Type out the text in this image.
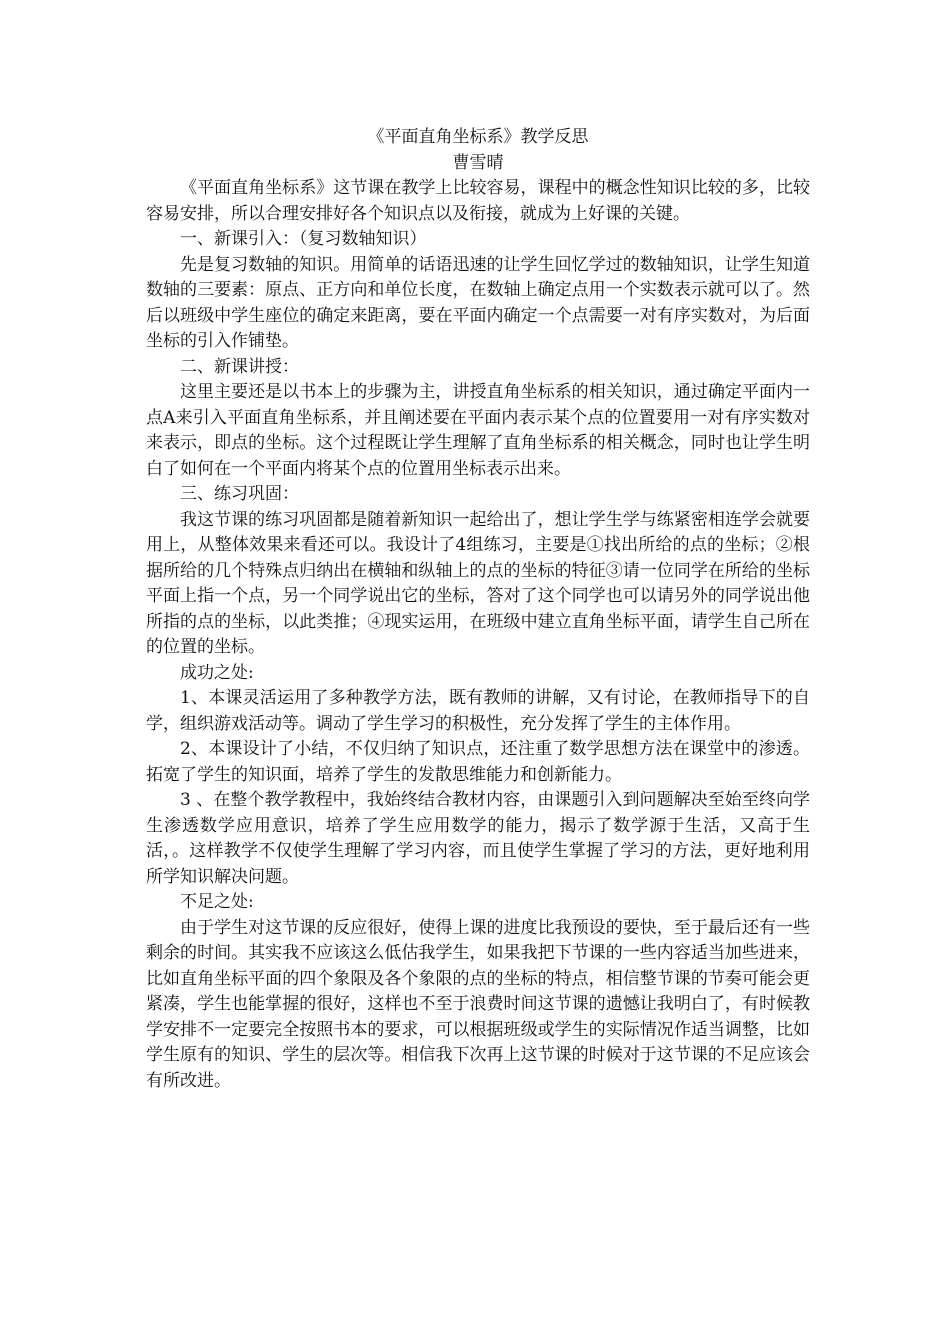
《平面直角坐标系》教学反思

曹雪晴

《平面直角坐标系》这节课在教学上比较容易，课程中的概念性知识比较的多，比较容易安排，所以合理安排好各个知识点以及衔接，就成为上好课的关键。

一、新课引入：（复习数轴知识）

先是复习数轴的知识。用简单的话语迅速的让学生回忆学过的数轴知识，让学生知道数轴的三要素：原点、正方向和单位长度，在数轴上确定点用一个实数表示就可以了。然后以班级中学生座位的确定来距离，要在平面内确定一个点需要一对有序实数对，为后面坐标的引入作铺垫。

二、新课讲授：

这里主要还是以书本上的步骤为主，讲授直角坐标系的相关知识，通过确定平面内一点A来引入平面直角坐标系，并且阐述要在平面内表示某个点的位置要用一对有序实数对来表示，即点的坐标。这个过程既让学生理解了直角坐标系的相关概念，同时也让学生明白了如何在一个平面内将某个点的位置用坐标表示出来。

三、练习巩固：

我这节课的练习巩固都是随着新知识一起给出了，想让学生学与练紧密相连学会就要用上，从整体效果来看还可以。我设计了4组练习，主要是①找出所给的点的坐标；②根据所给的几个特殊点归纳出在横轴和纵轴上的点的坐标的特征③请一位同学在所给的坐标平面上指一个点，另一个同学说出它的坐标，答对了这个同学也可以请另外的同学说出他所指的点的坐标，以此类推；④现实运用，在班级中建立直角坐标平面，请学生自己所在的位置的坐标。

成功之处:

1、本课灵活运用了多种教学方法，既有教师的讲解，又有讨论，在教师指导下的自学，组织游戏活动等。调动了学生学习的积极性，充分发挥了学生的主体作用。

2、本课设计了小结，不仅归纳了知识点，还注重了数学思想方法在课堂中的渗透。拓宽了学生的知识面，培养了学生的发散思维能力和创新能力。

3 、在整个教学教程中，我始终结合教材内容，由课题引入到问题解决至始至终向学生渗透数学应用意识，培养了学生应用数学的能力，揭示了数学源于生活，又高于生活，。这样教学不仅使学生理解了学习内容，而且使学生掌握了学习的方法，更好地利用所学知识解决问题。

不足之处:

由于学生对这节课的反应很好，使得上课的进度比我预设的要快，至于最后还有一些剩余的时间。其实我不应该这么低估我学生，如果我把下节课的一些内容适当加些进来，比如直角坐标平面的四个象限及各个象限的点的坐标的特点，相信整节课的节奏可能会更紧凑，学生也能掌握的很好，这样也不至于浪费时间这节课的遗憾让我明白了，有时候教学安排不一定要完全按照书本的要求，可以根据班级或学生的实际情况作适当调整，比如学生原有的知识、学生的层次等。相信我下次再上这节课的时候对于这节课的不足应该会有所改进。
